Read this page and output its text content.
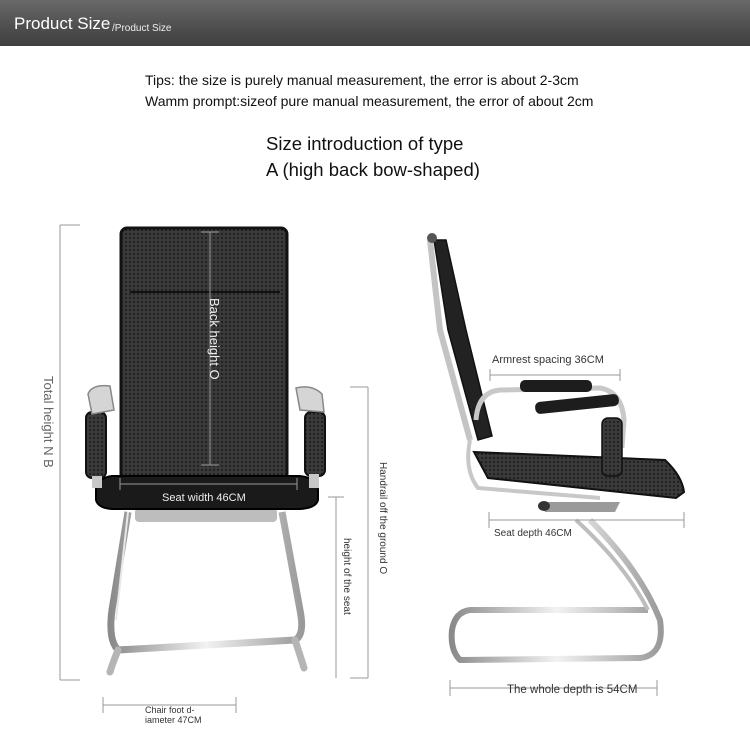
Product Size /Product Size
Tips: the size is purely manual measurement, the error is about 2-3cm
Wamm prompt:sizeof pure manual measurement, the error of about 2cm
Size introduction of type
A (high back bow-shaped)
Back height O
Total height N B
Seat width 46CM	Handrail off the ground O
height of the seat
Chair foot d-
iameter 47CM
Armrest spacing 36CM
Seat depth 46CM
The whole depth is 54CM
